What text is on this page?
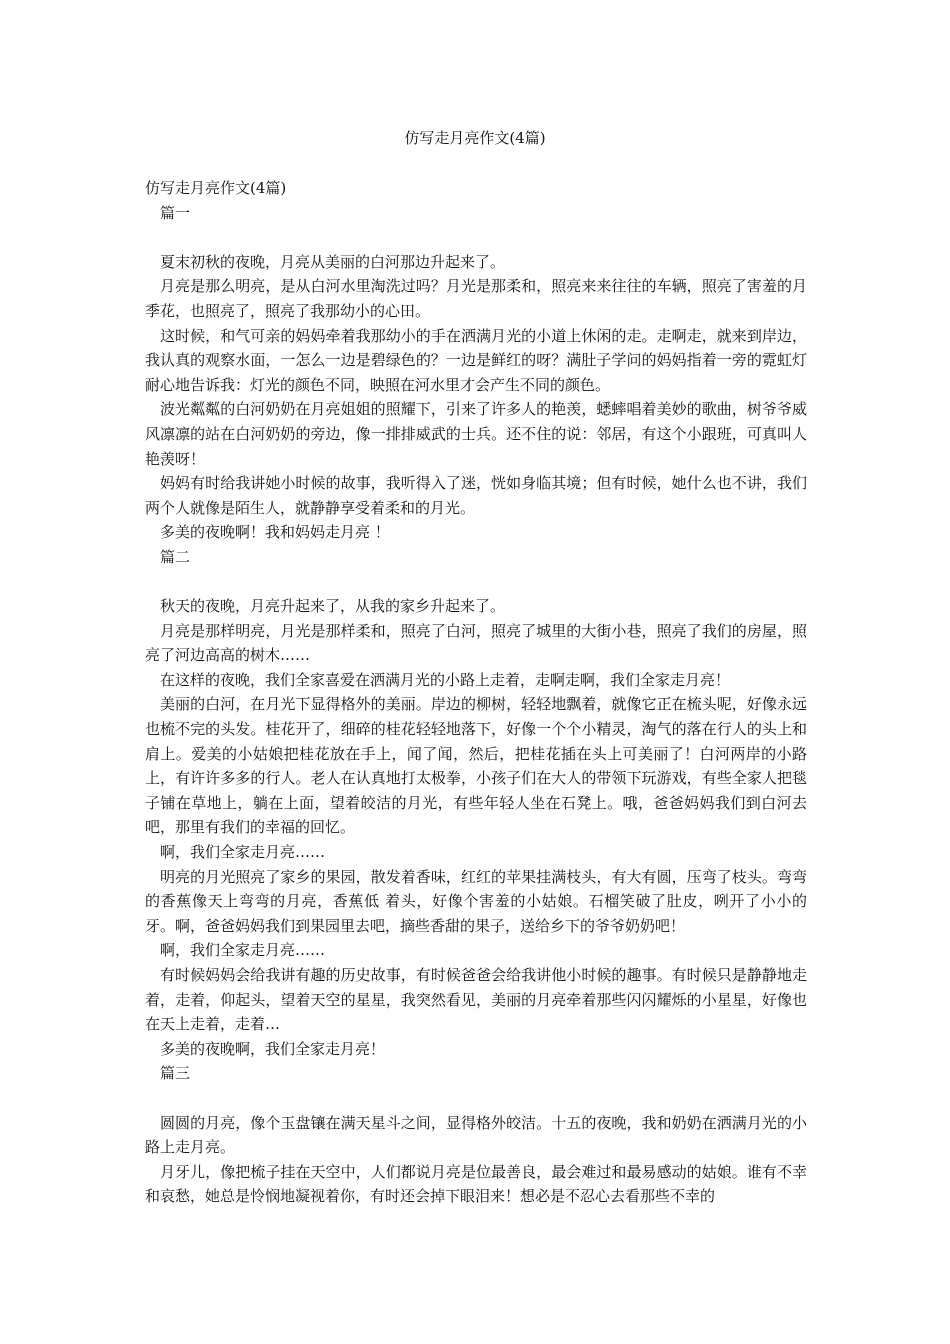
仿写走月亮作文(4篇)

仿写走月亮作文(4篇)

篇一

夏末初秋的夜晚，月亮从美丽的白河那边升起来了。

月亮是那么明亮，是从白河水里淘洗过吗？月光是那柔和，照亮来来往往的车辆，照亮了害羞的月季花，也照亮了，照亮了我那幼小的心田。

这时候，和气可亲的妈妈牵着我那幼小的手在洒满月光的小道上休闲的走。走啊走，就来到岸边，我认真的观察水面，一怎么一边是碧绿色的？一边是鲜红的呀？满肚子学问的妈妈指着一旁的霓虹灯耐心地告诉我：灯光的颜色不同，映照在河水里才会产生不同的颜色。

波光粼粼的白河奶奶在月亮姐姐的照耀下，引来了许多人的艳羡，蟋蟀唱着美妙的歌曲，树爷爷威风凛凛的站在白河奶奶的旁边，像一排排威武的士兵。还不住的说：邻居，有这个小跟班，可真叫人艳羡呀！

妈妈有时给我讲她小时候的故事，我听得入了迷，恍如身临其境；但有时候，她什么也不讲，我们两个人就像是陌生人，就静静享受着柔和的月光。

多美的夜晚啊！我和妈妈走月亮 ！

篇二

秋天的夜晚，月亮升起来了，从我的家乡升起来了。

月亮是那样明亮，月光是那样柔和，照亮了白河，照亮了城里的大街小巷，照亮了我们的房屋，照亮了河边高高的树木……

在这样的夜晚，我们全家喜爱在洒满月光的小路上走着，走啊走啊，我们全家走月亮！

美丽的白河，在月光下显得格外的美丽。岸边的柳树，轻轻地飘着，就像它正在梳头呢，好像永远也梳不完的头发。桂花开了，细碎的桂花轻轻地落下，好像一个个小精灵，淘气的落在行人的头上和肩上。爱美的小姑娘把桂花放在手上，闻了闻，然后，把桂花插在头上可美丽了！白河两岸的小路上，有许许多多的行人。老人在认真地打太极拳，小孩子们在大人的带领下玩游戏，有些全家人把毯子铺在草地上，躺在上面，望着皎洁的月光，有些年轻人坐在石凳上。哦，爸爸妈妈我们到白河去吧，那里有我们的幸福的回忆。

啊，我们全家走月亮……

明亮的月光照亮了家乡的果园，散发着香味，红红的苹果挂满枝头，有大有圆，压弯了枝头。弯弯的香蕉像天上弯弯的月亮，香蕉低 着头，好像个害羞的小姑娘。石榴笑破了肚皮，咧开了小小的牙。啊，爸爸妈妈我们到果园里去吧，摘些香甜的果子，送给乡下的爷爷奶奶吧！

啊，我们全家走月亮……

有时候妈妈会给我讲有趣的历史故事，有时候爸爸会给我讲他小时候的趣事。有时候只是静静地走着，走着，仰起头，望着天空的星星，我突然看见，美丽的月亮牵着那些闪闪耀烁的小星星，好像也在天上走着，走着…

多美的夜晚啊，我们全家走月亮！

篇三

圆圆的月亮，像个玉盘镶在满天星斗之间，显得格外皎洁。十五的夜晚，我和奶奶在洒满月光的小路上走月亮。

月牙儿，像把梳子挂在天空中，人们都说月亮是位最善良，最会难过和最易感动的姑娘。谁有不幸和哀愁，她总是怜悯地凝视着你，有时还会掉下眼泪来！想必是不忍心去看那些不幸的
